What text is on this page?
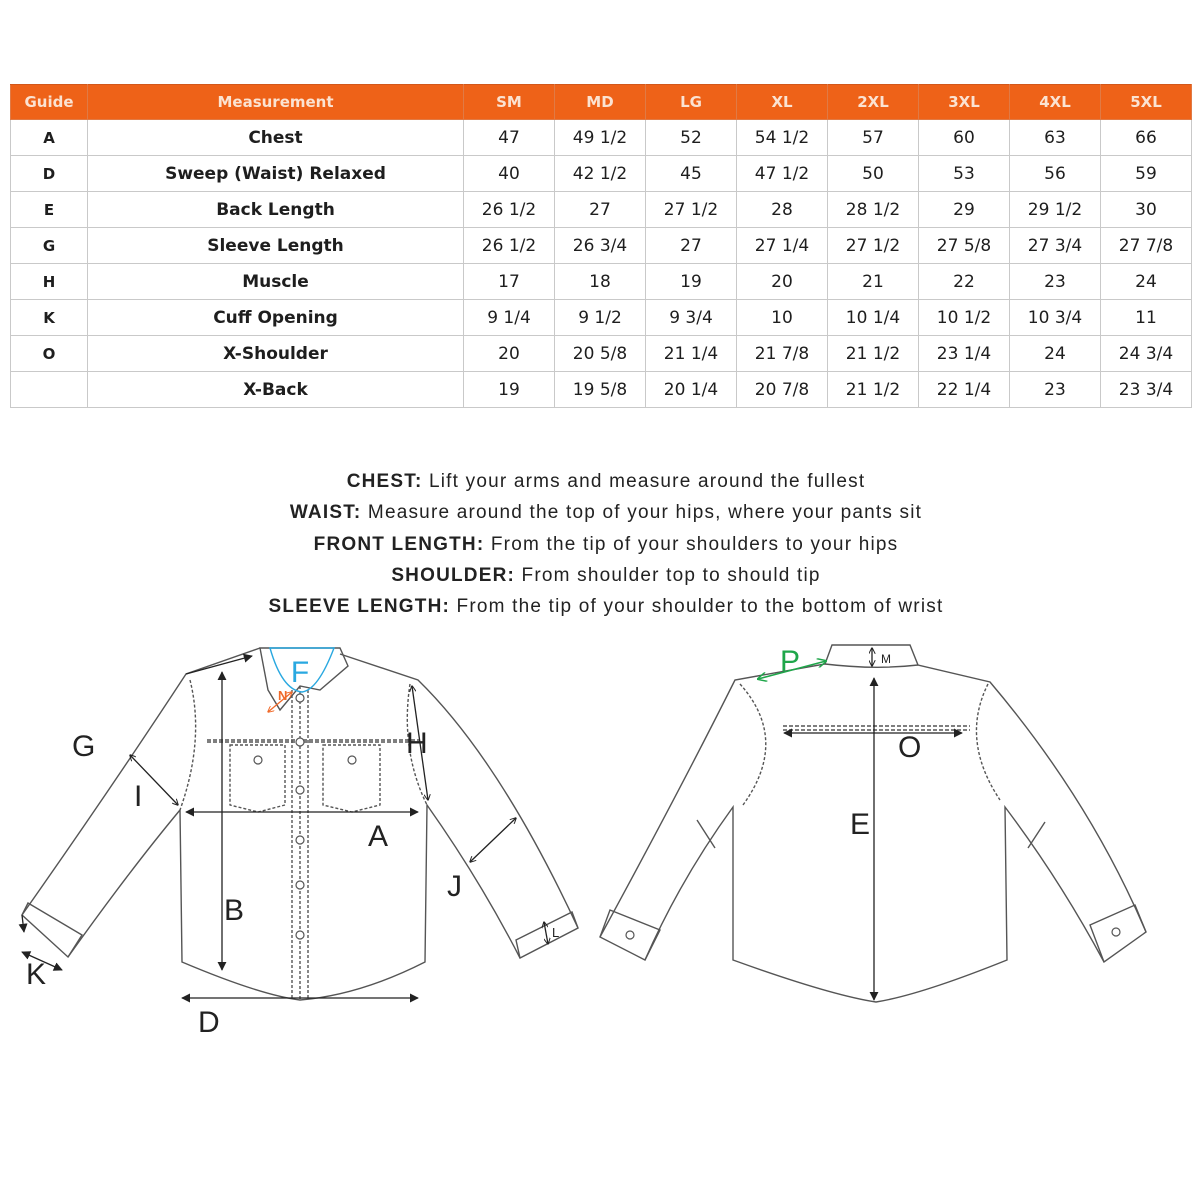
Guide	Measurement	SM	MD	LG	XL	2XL	3XL	4XL	5XL
A	Chest	47	49 1/2	52	54 1/2	57	60	63	66
D	Sweep (Waist) Relaxed	40	42 1/2	45	47 1/2	50	53	56	59
E	Back Length	26 1/2	27	27 1/2	28	28 1/2	29	29 1/2	30
G	Sleeve Length	26 1/2	26 3/4	27	27 1/4	27 1/2	27 5/8	27 3/4	27 7/8
H	Muscle	17	18	19	20	21	22	23	24
K	Cuff Opening	9 1/4	9 1/2	9 3/4	10	10 1/4	10 1/2	10 3/4	11
O	X-Shoulder	20	20 5/8	21 1/4	21 7/8	21 1/2	23 1/4	24	24 3/4
	X-Back	19	19 5/8	20 1/4	20 7/8	21 1/2	22 1/4	23	23 3/4
CHEST: Lift your arms and measure around the fullest
WAIST: Measure around the top of your hips, where your pants sit
FRONT LENGTH: From the tip of your shoulders to your hips
SHOULDER: From shoulder top to should tip
SLEEVE LENGTH: From the tip of your shoulder to the bottom of wrist
F
N
G
I
H
A
J
B
K
L
D
P	M
O
E
